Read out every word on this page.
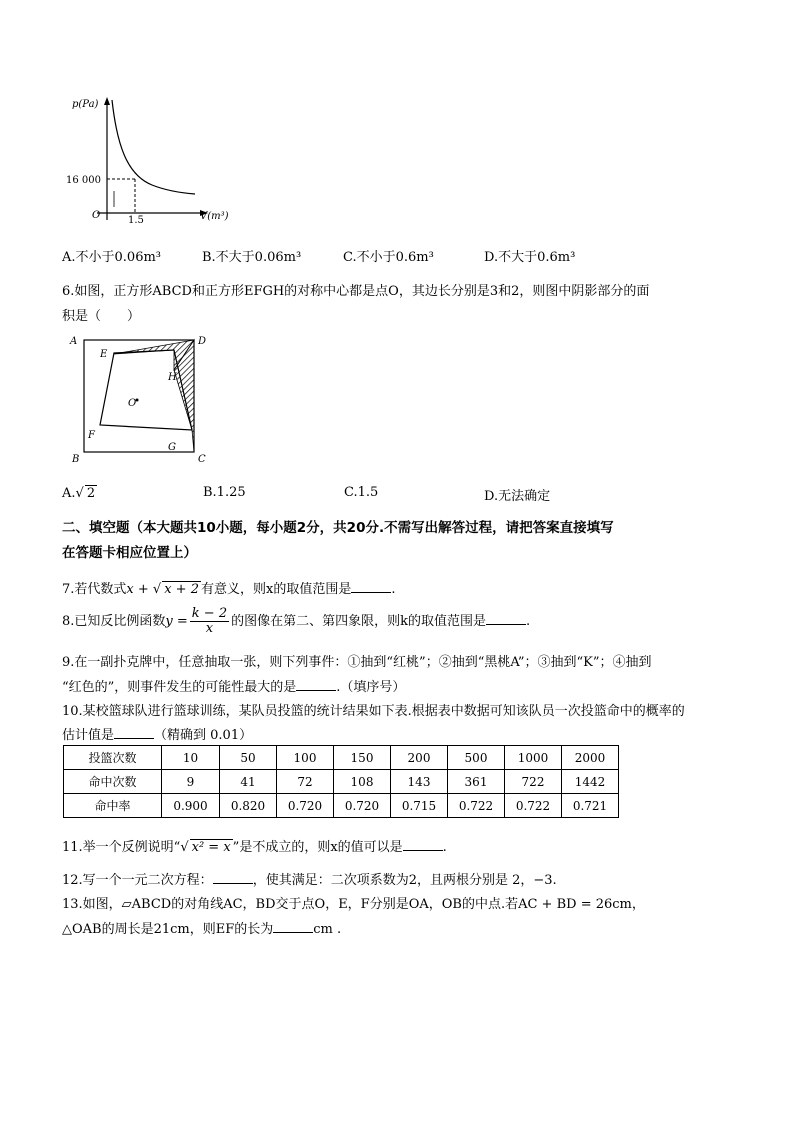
p(Pa)
16 000
O	1.5	V(m³)
A.不小于0.06m³	B.不大于0.06m³	C.不小于0.6m³	D.不大于0.6m³
6.如图，正方形ABCD和正方形EFGH的对称中心都是点O，其边长分别是3和2，则图中阴影部分的面
积是（　　）
A	D
B	C
E
F
G
H
O
A.√ 2	B.1.25	C.1.5	D.无法确定
二、填空题（本大题共10小题，每小题2分，共20分.不需写出解答过程，请把答案直接填写
在答题卡相应位置上）
7.若代数式x + √ x + 2 有意义，则x的取值范围是	.
8.已知反比例函数$y = \frac{k - 2}{x}$ 的图像在第二、第四象限，则k的取值范围是	.
9.在一副扑克牌中，任意抽取一张，则下列事件：①抽到“红桃”；②抽到“黑桃A”；③抽到“K”；④抽到
“红色的”，则事件发生的可能性最大的是	.（填序号）
10.某校篮球队进行篮球训练，某队员投篮的统计结果如下表.根据表中数据可知该队员一次投篮命中的概率的
估计值是	（精确到 0.01）
投篮次数	10	50	100	150	200	500	1000	2000
命中次数	9	41	72	108	143	361	722	1442
命中率	0.900	0.820	0.720	0.720	0.715	0.722	0.722	0.721
11.举一个反例说明“√ x² = x ”是不成立的，则x的值可以是	.
12.写一个一元二次方程：	，使其满足：二次项系数为2，且两根分别是 2，−3.
13.如图，▱ABCD的对角线AC，BD交于点O，E，F分别是OA，OB的中点.若AC + BD = 26cm，
△OAB的周长是21cm，则EF的长为	cm .
